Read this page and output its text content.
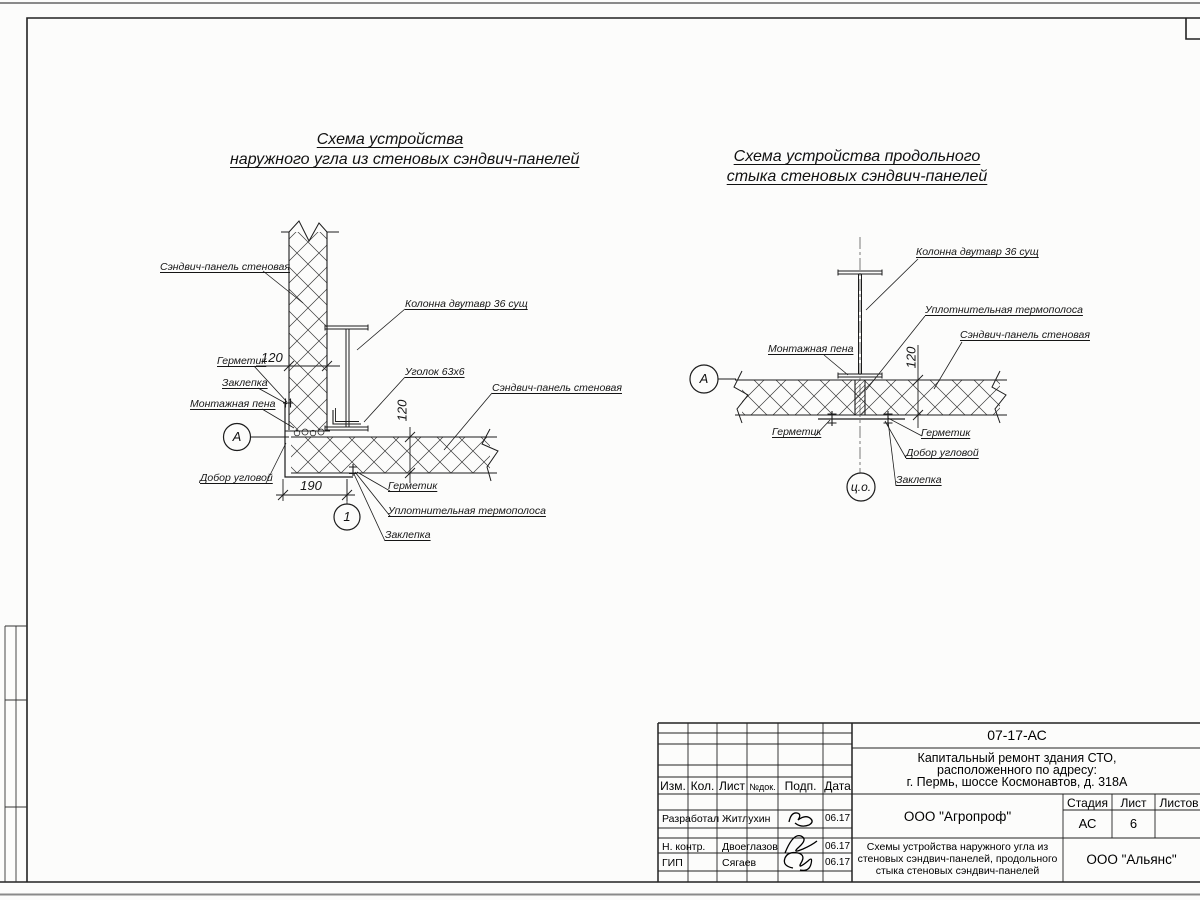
Схема устройства
наружного угла из стеновых сэндвич-панелей	Схема устройства продольного
стыка стеновых сэндвич-панелей
Сэндвич-панель стеновая
Герметик
Заклепка
Монтажная пена
Добор угловой
Колонна двутавр 36 сущ
Уголок 63х6
Сэндвич-панель стеновая
Герметик
Уплотнительная термополоса
Заклепка
120
120
190
А
1
Колонна двутавр 36 сущ
Уплотнительная термополоса
Сэндвич-панель стеновая
Монтажная пена
Герметик	Герметик
Добор угловой
Заклепка
120
А
ц.о.
07-17-АС
Капитальный ремонт здания СТО,
расположенного по адресу:
г. Пермь, шоссе Космонавтов, д. 318А
Изм. Кол. Лист №док. Подп. Дата
Стадия	Лист	Листов
АС	6
ООО "Агропроф"
Схемы устройства наружного угла из
стеновых сэндвич-панелей, продольного
стыка стеновых сэндвич-панелей
ООО "Альянс"
Разработал Житлухин	06.17
Н. контр. Двоеглазов	06.17
ГИП	Сягаев	06.17
